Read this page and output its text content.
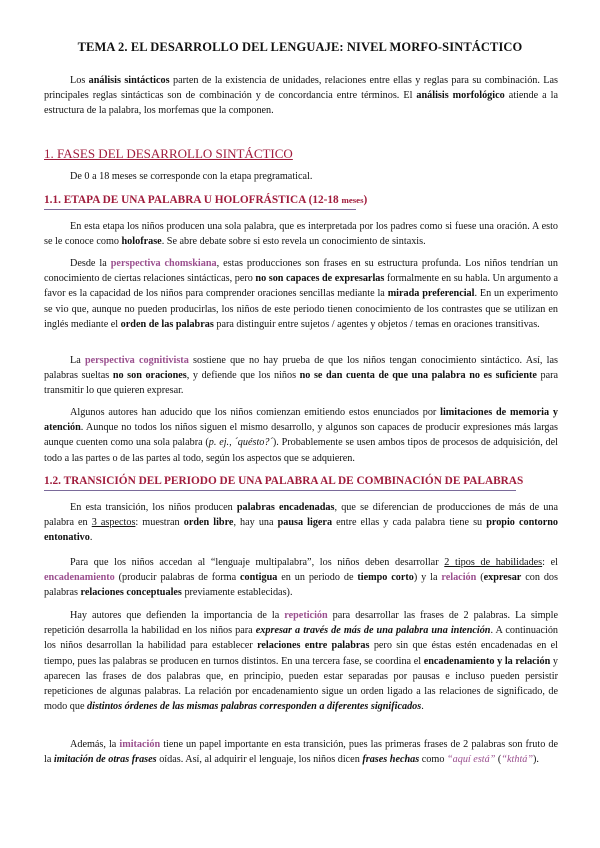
TEMA 2. EL DESARROLLO DEL LENGUAJE: NIVEL MORFO-SINTÁCTICO

Los análisis sintácticos parten de la existencia de unidades, relaciones entre ellas y reglas para su combinación. Las principales reglas sintácticas son de combinación y de concordancia entre términos. El análisis morfológico atiende a la estructura de la palabra, los morfemas que la componen.

1. FASES DEL DESARROLLO SINTÁCTICO

De 0 a 18 meses se corresponde con la etapa pregramatical.

1.1. ETAPA DE UNA PALABRA U HOLOFRÁSTICA (12-18 meses)

En esta etapa los niños producen una sola palabra, que es interpretada por los padres como si fuese una oración. A esto se le conoce como holofrase. Se abre debate sobre si esto revela un conocimiento de sintaxis.

Desde la perspectiva chomskiana, estas producciones son frases en su estructura profunda. Los niños tendrían un conocimiento de ciertas relaciones sintácticas, pero no son capaces de expresarlas formalmente en su habla. Un argumento a favor es la capacidad de los niños para comprender oraciones sencillas mediante la mirada preferencial. En un experimento se vio que, aunque no pueden producirlas, los niños de este periodo tienen conocimiento de los contrastes que se utilizan en inglés mediante el orden de las palabras para distinguir entre sujetos / agentes y objetos / temas en oraciones transitivas.

La perspectiva cognitivista sostiene que no hay prueba de que los niños tengan conocimiento sintáctico. Así, las palabras sueltas no son oraciones, y defiende que los niños no se dan cuenta de que una palabra no es suficiente para transmitir lo que quieren expresar.

Algunos autores han aducido que los niños comienzan emitiendo estos enunciados por limitaciones de memoria y atención. Aunque no todos los niños siguen el mismo desarrollo, y algunos son capaces de producir expresiones más largas aunque cuenten como una sola palabra (p. ej., ´quésto?´). Probablemente se usen ambos tipos de procesos de adquisición, del todo a las partes o de las partes al todo, según los aspectos que se adquieren.

1.2. TRANSICIÓN DEL PERIODO DE UNA PALABRA AL DE COMBINACIÓN DE PALABRAS

En esta transición, los niños producen palabras encadenadas, que se diferencian de producciones de más de una palabra en 3 aspectos: muestran orden libre, hay una pausa ligera entre ellas y cada palabra tiene su propio contorno entonativo.

Para que los niños accedan al “lenguaje multipalabra”, los niños deben desarrollar 2 tipos de habilidades: el encadenamiento (producir palabras de forma contigua en un periodo de tiempo corto) y la relación (expresar con dos palabras relaciones conceptuales previamente establecidas).

Hay autores que defienden la importancia de la repetición para desarrollar las frases de 2 palabras. La simple repetición desarrolla la habilidad en los niños para expresar a través de más de una palabra una intención. A continuación los niños desarrollan la habilidad para establecer relaciones entre palabras pero sin que éstas estén encadenadas en el tiempo, pues las palabras se producen en turnos distintos. En una tercera fase, se coordina el encadenamiento y la relación y aparecen las frases de dos palabras que, en principio, pueden estar separadas por pausas e incluso pueden persistir repeticiones de algunas palabras. La relación por encadenamiento sigue un orden ligado a las relaciones de significado, de modo que distintos órdenes de las mismas palabras corresponden a diferentes significados.

Además, la imitación tiene un papel importante en esta transición, pues las primeras frases de 2 palabras son fruto de la imitación de otras frases oídas. Así, al adquirir el lenguaje, los niños dicen frases hechas como “aquí está” (“kthtá”).
